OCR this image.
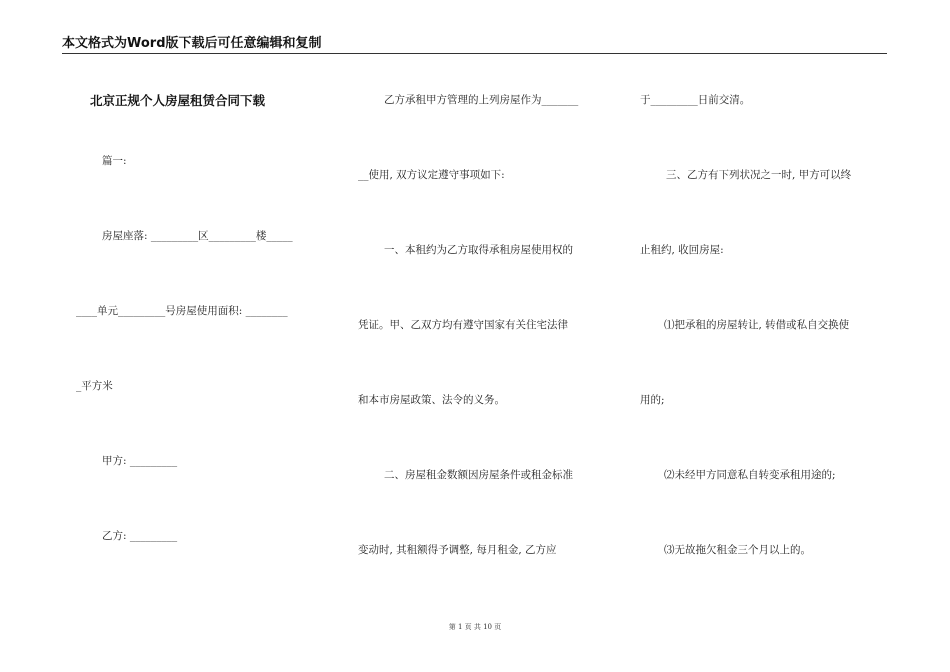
本文格式为Word版下载后可任意编辑和复制
北京正规个人房屋租赁合同下载
篇一:
房屋座落: _________区_________楼_____
____单元_________号房屋使用面积: ________
_平方米
甲方: _________
乙方: _________
乙方承租甲方管理的上列房屋作为_______
__使用, 双方议定遵守事项如下:
一、本租约为乙方取得承租房屋使用权的
凭证。甲、乙双方均有遵守国家有关住宅法律
和本市房屋政策、法令的义务。
二、房屋租金数额因房屋条件或租金标准
变动时, 其租额得予调整, 每月租金, 乙方应
于_________日前交清。
三、乙方有下列状况之一时, 甲方可以终
止租约, 收回房屋:
⑴把承租的房屋转让, 转借或私自交换使
用的;
⑵未经甲方同意私自转变承租用途的;
⑶无故拖欠租金三个月以上的。
第 1 页 共 10 页
